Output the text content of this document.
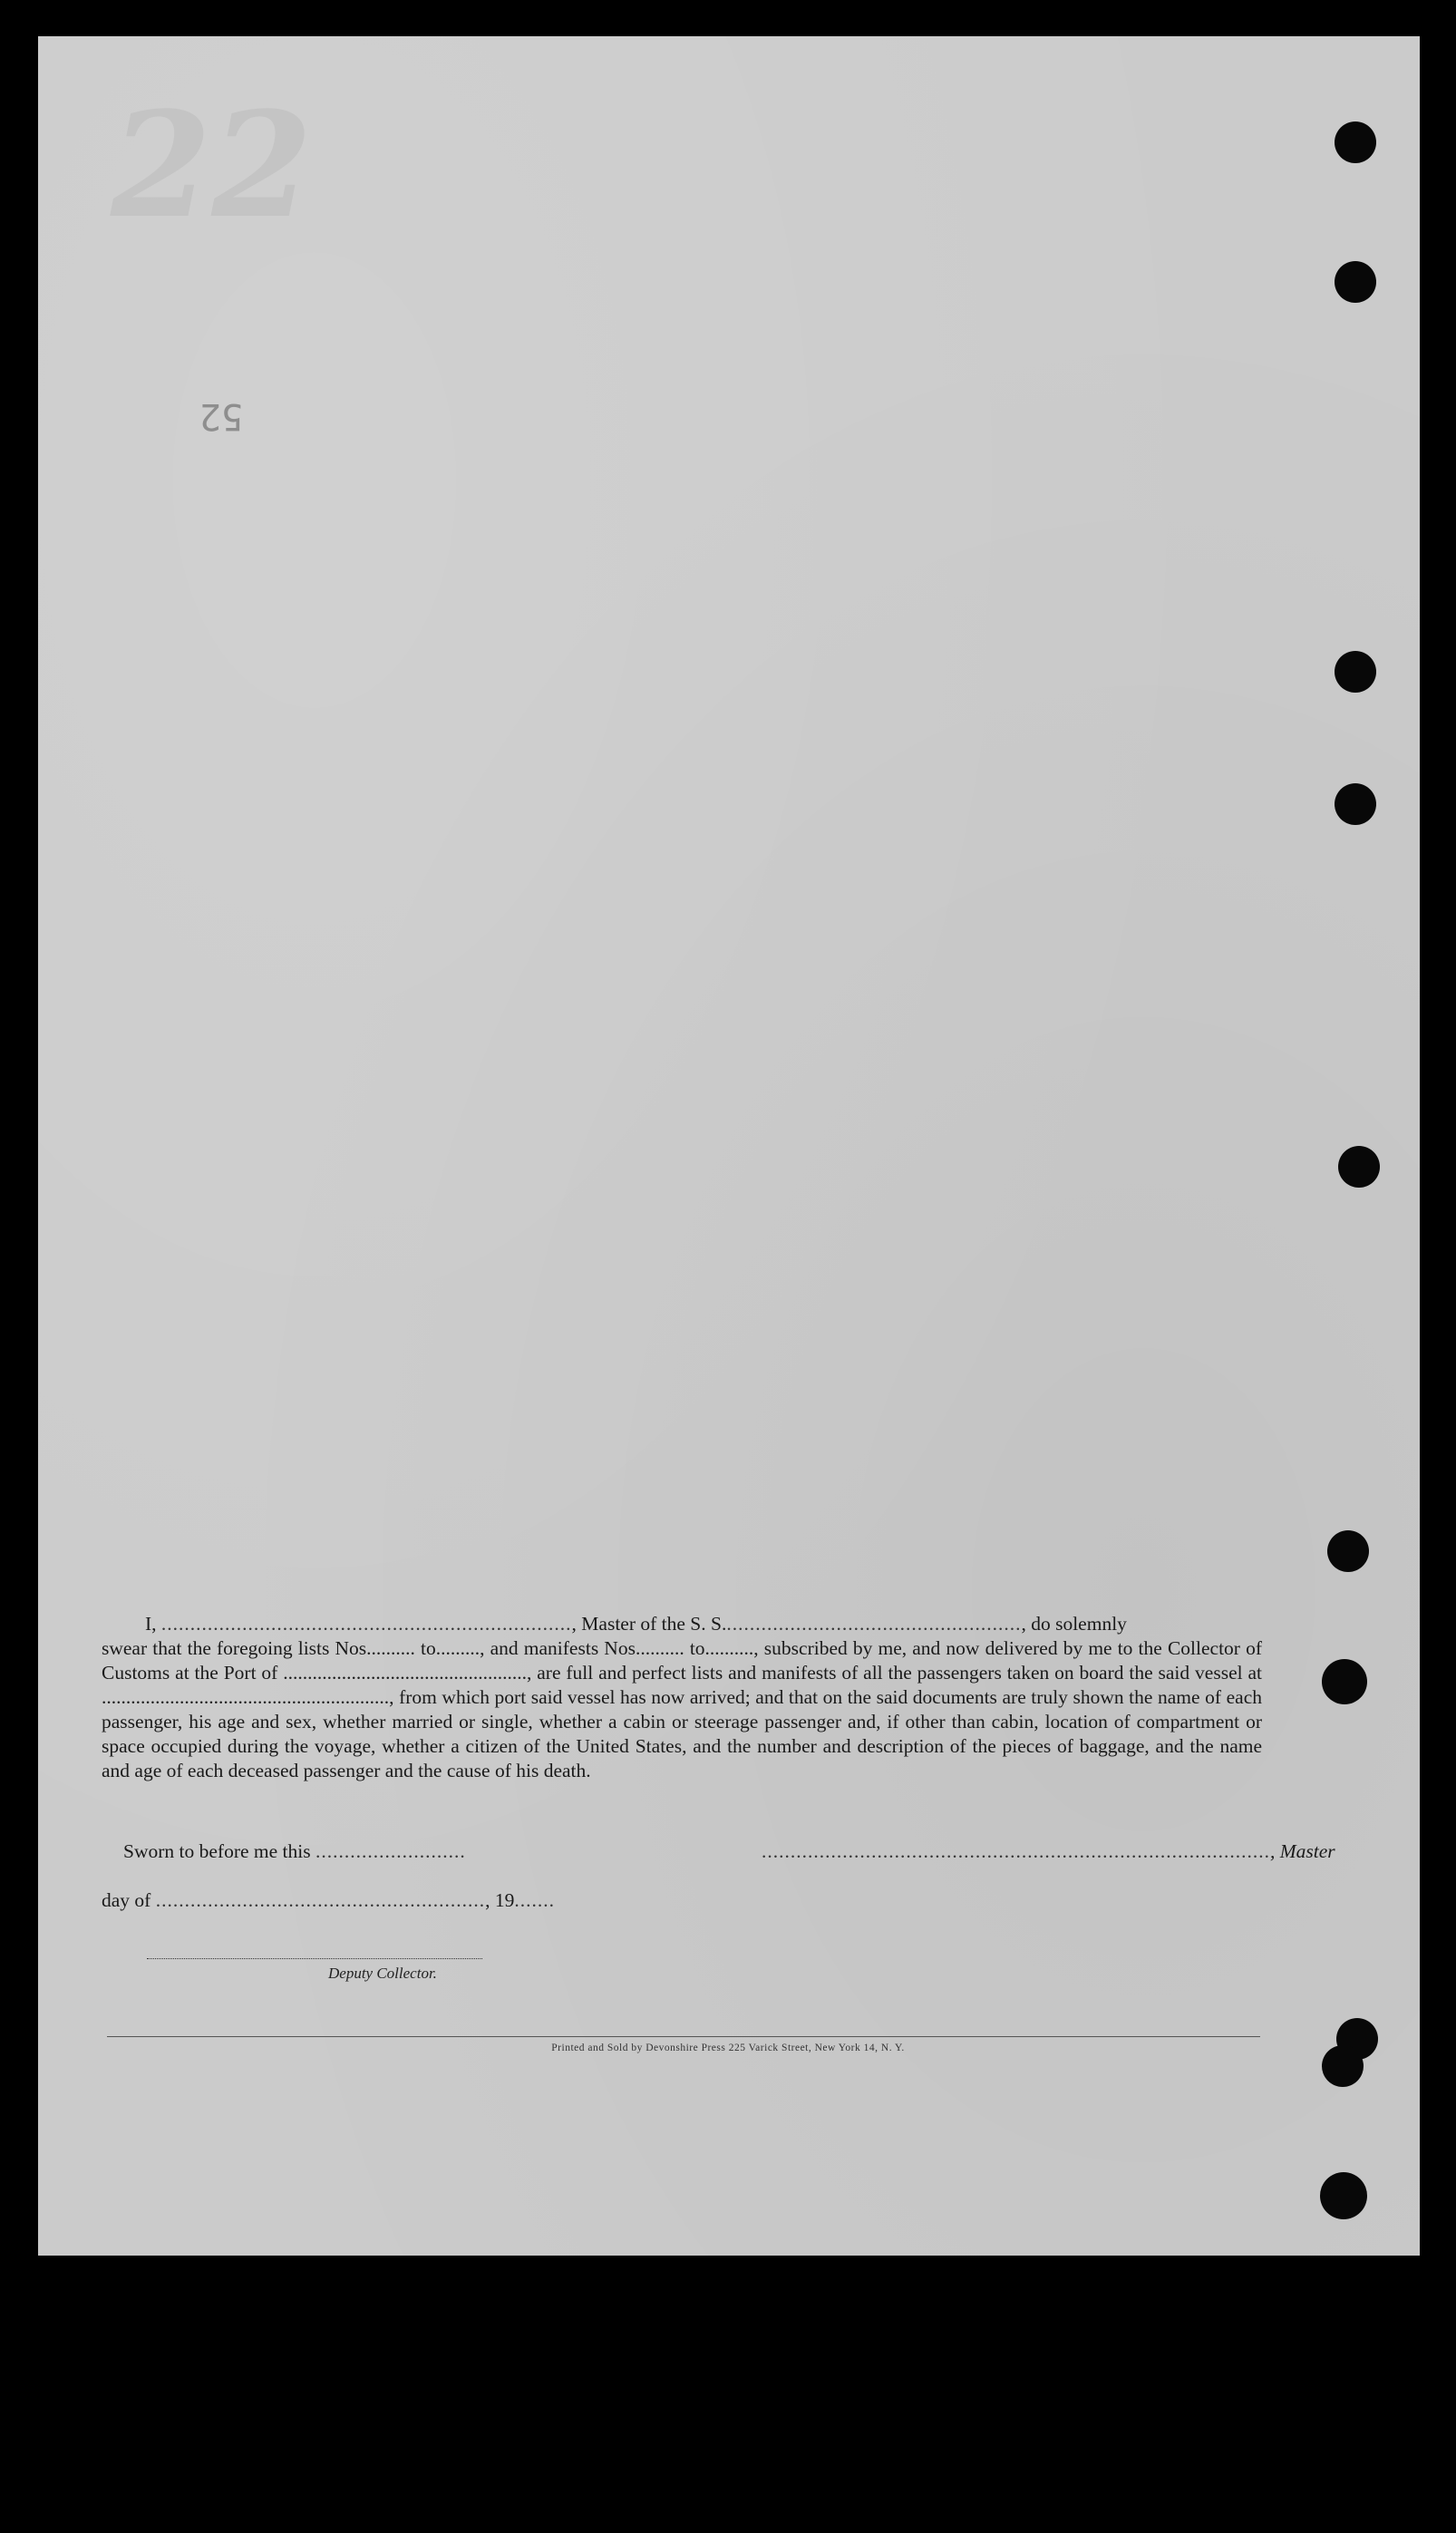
22
52

I, ......................................................................., Master of the S. S...................................................., do solemnly

swear that the foregoing lists Nos.......... to........., and manifests Nos.......... to.........., subscribed by me, and now delivered by me to the Collector of Customs at the Port of .................................................., are full and perfect lists and manifests of all the passengers taken on board the said vessel at ..........................................................., from which port said vessel has now arrived; and that on the said documents are truly shown the name of each passenger, his age and sex, whether married or single, whether a cabin or steerage passenger and, if other than cabin, location of compartment or space occupied during the voyage, whether a citizen of the United States, and the number and description of the pieces of baggage, and the name and age of each deceased passenger and the cause of his death.
Sworn to before me this ..........................	........................................................................................, Master
day of ........................................................., 19.......
Deputy Collector.
Printed and Sold by Devonshire Press 225 Varick Street, New York 14, N. Y.
